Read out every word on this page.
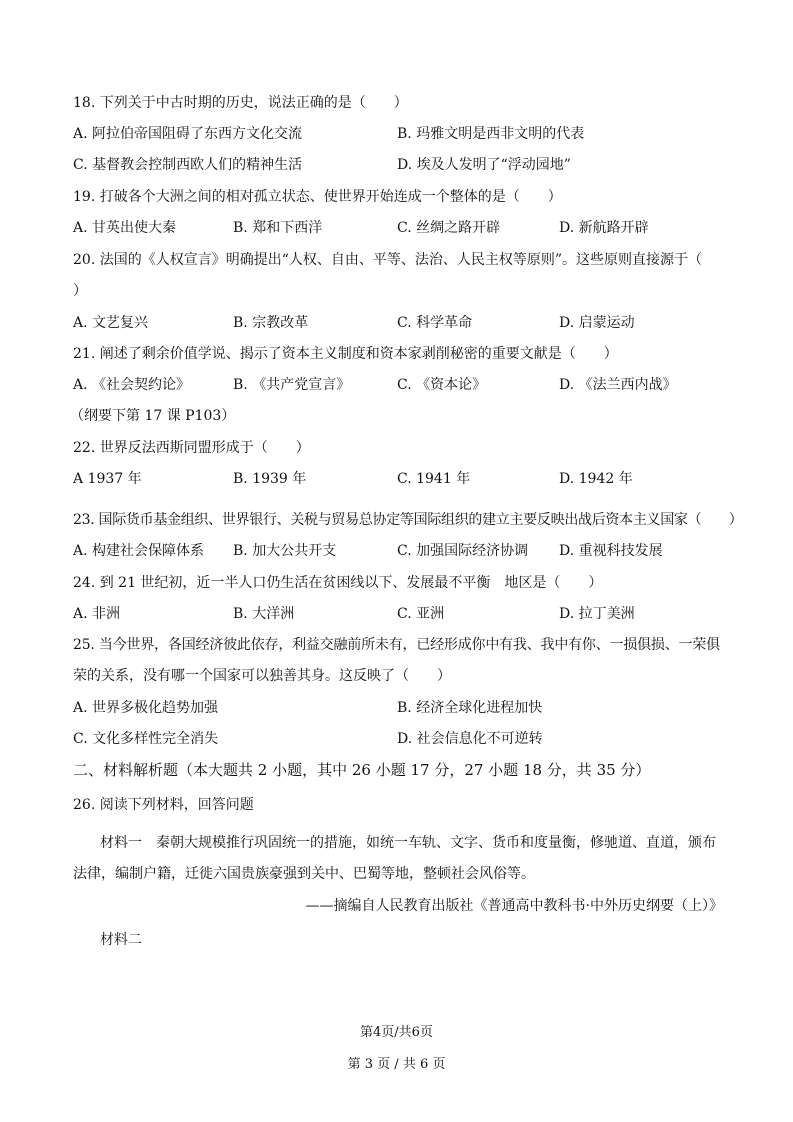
18. 下列关于中古时期的历史，说法正确的是（　　）
A. 阿拉伯帝国阻碍了东西方文化交流	B. 玛雅文明是西非文明的代表
C. 基督教会控制西欧人们的精神生活	D. 埃及人发明了“浮动园地”
19. 打破各个大洲之间的相对孤立状态、使世界开始连成一个整体的是（　　）
A. 甘英出使大秦	B. 郑和下西洋	C. 丝绸之路开辟	D. 新航路开辟
20. 法国的《人权宣言》明确提出“人权、自由、平等、法治、人民主权等原则”。这些原则直接源于（
）
A. 文艺复兴	B. 宗教改革	C. 科学革命	D. 启蒙运动
21. 阐述了剩余价值学说、揭示了资本主义制度和资本家剥削秘密的重要文献是（　　）
A. 《社会契约论》	B. 《共产党宣言》	C. 《资本论》	D. 《法兰西内战》
（纲要下第 17 课 P103）
22. 世界反法西斯同盟形成于（　　）
A 1937 年	B. 1939 年	C. 1941 年	D. 1942 年
23. 国际货币基金组织、世界银行、关税与贸易总协定等国际组织的建立主要反映出战后资本主义国家（　　）
A. 构建社会保障体系 B. 加大公共开支	C. 加强国际经济协调 D. 重视科技发展
24. 到 21 世纪初，近一半人口仍生活在贫困线以下、发展最不平衡　地区是（　　）
A. 非洲	B. 大洋洲	C. 亚洲	D. 拉丁美洲
25. 当今世界，各国经济彼此依存，利益交融前所未有，已经形成你中有我、我中有你、一损俱损、一荣俱
荣的关系，没有哪一个国家可以独善其身。这反映了（　　）
A. 世界多极化趋势加强	B. 经济全球化进程加快
C. 文化多样性完全消失	D. 社会信息化不可逆转
二、材料解析题（本大题共 2 小题，其中 26 小题 17 分，27 小题 18 分，共 35 分）
26. 阅读下列材料，回答问题
材料一　秦朝大规模推行巩固统一的措施，如统一车轨、文字、货币和度量衡，修驰道、直道，颁布
法律，编制户籍，迁徙六国贵族豪强到关中、巴蜀等地，整顿社会风俗等。
——摘编自人民教育出版社《普通高中教科书·中外历史纲要（上）》
材料二
第4页/共6页
第 3 页 / 共 6 页
